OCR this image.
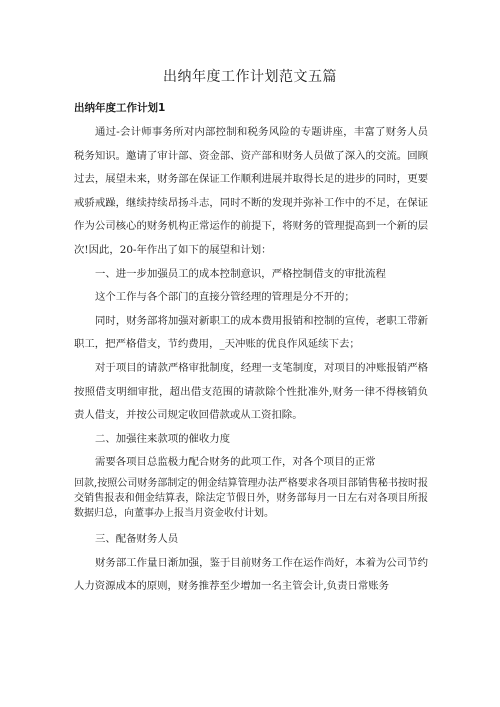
出纳年度工作计划范文五篇
出纳年度工作计划1

通过-会计师事务所对内部控制和税务风险的专题讲座，丰富了财务人员税务知识。邀请了审计部、资金部、资产部和财务人员做了深入的交流。回顾过去，展望未来，财务部在保证工作顺利进展并取得长足的进步的同时，更要戒骄戒躁，继续持续昂扬斗志，同时不断的发现并弥补工作中的不足，在保证作为公司核心的财务机构正常运作的前提下，将财务的管理提高到一个新的层次!因此，20-年作出了如下的展望和计划：

一、进一步加强员工的成本控制意识，严格控制借支的审批流程

这个工作与各个部门的直接分管经理的管理是分不开的；

同时，财务部将加强对新职工的成本费用报销和控制的宣传，老职工带新职工，把严格借支，节约费用，_天冲账的优良作风延续下去；

对于项目的请款严格审批制度，经理一支笔制度，对项目的冲账报销严格按照借支明细审批，超出借支范围的请款除个性批准外,财务一律不得核销负责人借支，并按公司规定收回借款或从工资扣除。

二、加强往来款项的催收力度

需要各项目总监极力配合财务的此项工作，对各个项目的正常

回款,按照公司财务部制定的佣金结算管理办法严格要求各项目部销售秘书按时报交销售报表和佣金结算表，除法定节假日外，财务部每月一日左右对各项目所报数据归总，向董事办上报当月资金收付计划。

三、配备财务人员

财务部工作量日渐加强，鉴于目前财务工作在运作尚好，本着为公司节约人力资源成本的原则，财务推荐至少增加一名主管会计,负责日常账务
